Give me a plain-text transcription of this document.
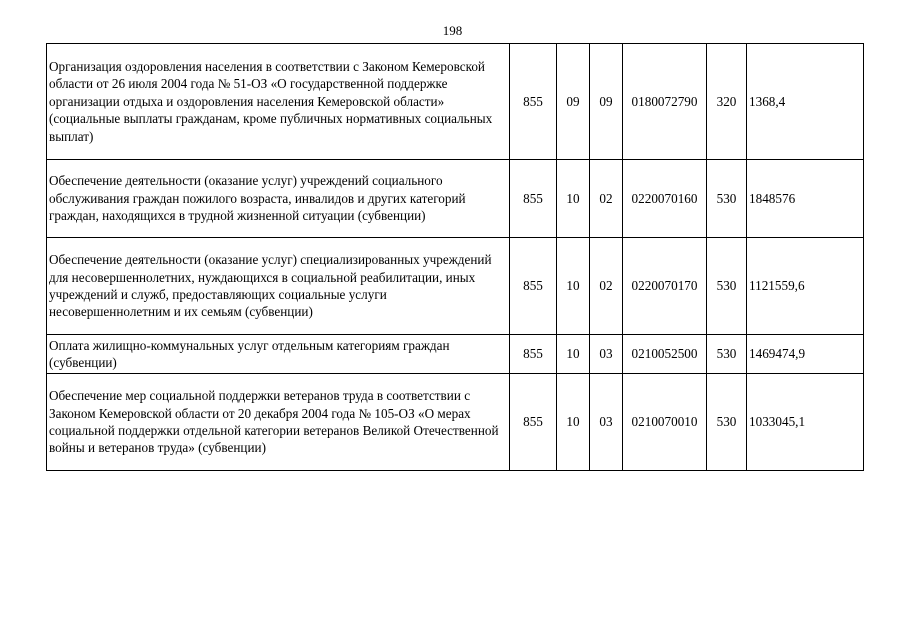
198
Организация оздоровления населения в соответствии с Законом Кемеровской области от 26 июля 2004 года № 51-ОЗ «О государственной поддержке организации отдыха и оздоровления населения Кемеровской области» (социальные выплаты гражданам, кроме публичных нормативных социальных выплат)	855	09	09	0180072790	320	1368,4
Обеспечение деятельности (оказание услуг) учреждений социального обслуживания граждан пожилого возраста, инвалидов и других категорий граждан, находящихся в трудной жизненной ситуации (субвенции)	855	10	02	0220070160	530	1848576
Обеспечение деятельности (оказание услуг) специализированных учреждений для несовершеннолетних, нуждающихся в социальной реабилитации, иных учреждений и служб, предоставляющих социальные услуги несовершеннолетним и их семьям (субвенции)	855	10	02	0220070170	530	1121559,6
Оплата жилищно-коммунальных услуг отдельным категориям граждан (субвенции)	855	10	03	0210052500	530	1469474,9
Обеспечение мер социальной поддержки ветеранов труда в соответствии с Законом Кемеровской области от 20 декабря 2004 года № 105-ОЗ «О мерах социальной поддержки отдельной категории ветеранов Великой Отечественной войны и ветеранов труда» (субвенции)	855	10	03	0210070010	530	1033045,1
